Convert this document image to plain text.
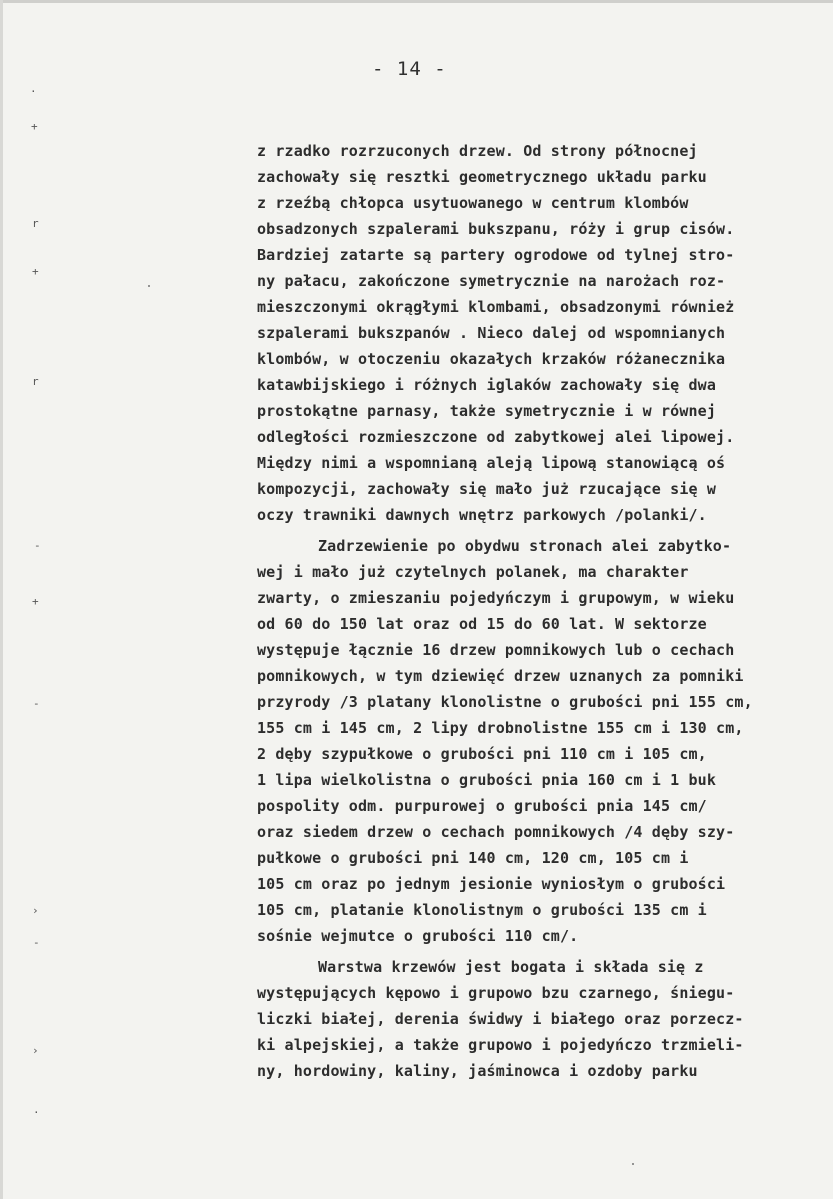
- 14 -
z rzadko rozrzuconych drzew. Od strony północnej
zachowały się resztki geometrycznego układu parku
z rzeźbą chłopca usytuowanego w centrum klombów
obsadzonych szpalerami bukszpanu, róży i grup cisów.
Bardziej zatarte są partery ogrodowe od tylnej stro-
ny pałacu, zakończone symetrycznie na narożach roz-
mieszczonymi okrągłymi klombami, obsadzonymi również
szpalerami bukszpanów . Nieco dalej od wspomnianych
klombów, w otoczeniu okazałych krzaków różanecznika
katawbijskiego i różnych iglaków zachowały się dwa
prostokątne parnasy, także symetrycznie i w równej
odległości rozmieszczone od zabytkowej alei lipowej.
Między nimi a wspomnianą aleją lipową stanowiącą oś
kompozycji, zachowały się mało już rzucające się w
oczy trawniki dawnych wnętrz parkowych /polanki/.
Zadrzewienie po obydwu stronach alei zabytko-
wej i mało już czytelnych polanek, ma charakter
zwarty, o zmieszaniu pojedyńczym i grupowym, w wieku
od 60 do 150 lat oraz od 15 do 60 lat. W sektorze
występuje łącznie 16 drzew pomnikowych lub o cechach
pomnikowych, w tym dziewięć drzew uznanych za pomniki
przyrody /3 platany klonolistne o grubości pni 155 cm,
155 cm i 145 cm, 2 lipy drobnolistne 155 cm i 130 cm,
2 dęby szypułkowe o grubości pni 110 cm i 105 cm,
1 lipa wielkolistna o grubości pnia 160 cm i 1 buk
pospolity odm. purpurowej o grubości pnia 145 cm/
oraz siedem drzew o cechach pomnikowych /4 dęby szy-
pułkowe o grubości pni 140 cm, 120 cm, 105 cm i
105 cm oraz po jednym jesionie wyniosłym o grubości
105 cm, platanie klonolistnym o grubości 135 cm i
sośnie wejmutce o grubości 110 cm/.
Warstwa krzewów jest bogata i składa się z
występujących kępowo i grupowo bzu czarnego, śniegu-
liczki białej, derenia świdwy i białego oraz porzecz-
ki alpejskiej, a także grupowo i pojedyńczo trzmieli-
ny, hordowiny, kaliny, jaśminowca i ozdoby parku
·
+
r
+
r
-
+
-
›
-
›
·
